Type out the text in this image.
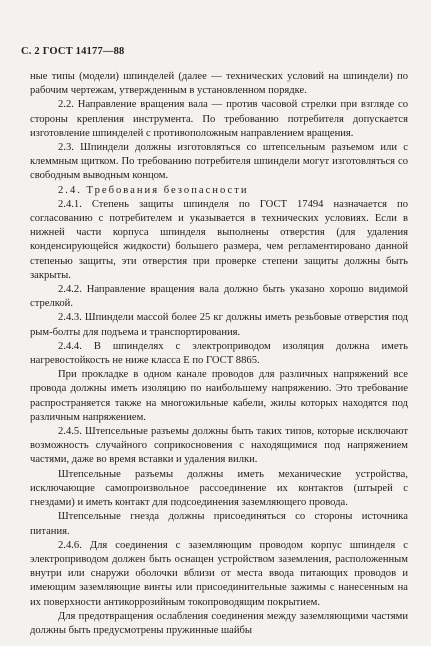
С. 2 ГОСТ 14177—88

ные типы (модели) шпинделей (далее — технических условий на шпиндели) по рабочим чертежам, утвержденным в установленном порядке.

2.2. Направление вращения вала — против часовой стрелки при взгляде со стороны крепления инструмента. По требованию потребителя допускается изготовление шпинделей с противоположным направлением вращения.

2.3. Шпиндели должны изготовляться со штепсельным разъемом или с клеммным щитком. По требованию потребителя шпиндели могут изготовляться со свободным выводным концом.

2.4. Требования безопасности

2.4.1. Степень защиты шпинделя по ГОСТ 17494 назначается по согласованию с потребителем и указывается в технических условиях. Если в нижней части корпуса шпинделя выполнены отверстия (для удаления конденсирующейся жидкости) большего размера, чем регламентировано данной степенью защиты, эти отверстия при проверке степени защиты должны быть закрыты.

2.4.2. Направление вращения вала должно быть указано хорошо видимой стрелкой.

2.4.3. Шпиндели массой более 25 кг должны иметь резьбовые отверстия под рым-болты для подъема и транспортирования.

2.4.4. В шпинделях с электроприводом изоляция должна иметь нагревостойкость не ниже класса Е по ГОСТ 8865.

При прокладке в одном канале проводов для различных напряжений все провода должны иметь изоляцию по наибольшему напряжению. Это требование распространяется также на многожильные кабели, жилы которых находятся под различным напряжением.

2.4.5. Штепсельные разъемы должны быть таких типов, которые исключают возможность случайного соприкосновения с находящимися под напряжением частями, даже во время вставки и удаления вилки.

Штепсельные разъемы должны иметь механические устройства, исключающие самопроизвольное рассоединение их контактов (штырей с гнездами) и иметь контакт для подсоединения заземляющего провода.

Штепсельные гнезда должны присоединяться со стороны источника питания.

2.4.6. Для соединения с заземляющим проводом корпус шпинделя с электроприводом должен быть оснащен устройством заземления, расположенным внутри или снаружи оболочки вблизи от места ввода питающих проводов и имеющим заземляющие винты или присоединительные зажимы с нанесенным на их поверхности антикоррозийным токопроводящим покрытием.

Для предотвращения ослабления соединения между заземляющими частями должны быть предусмотрены пружинные шайбы
